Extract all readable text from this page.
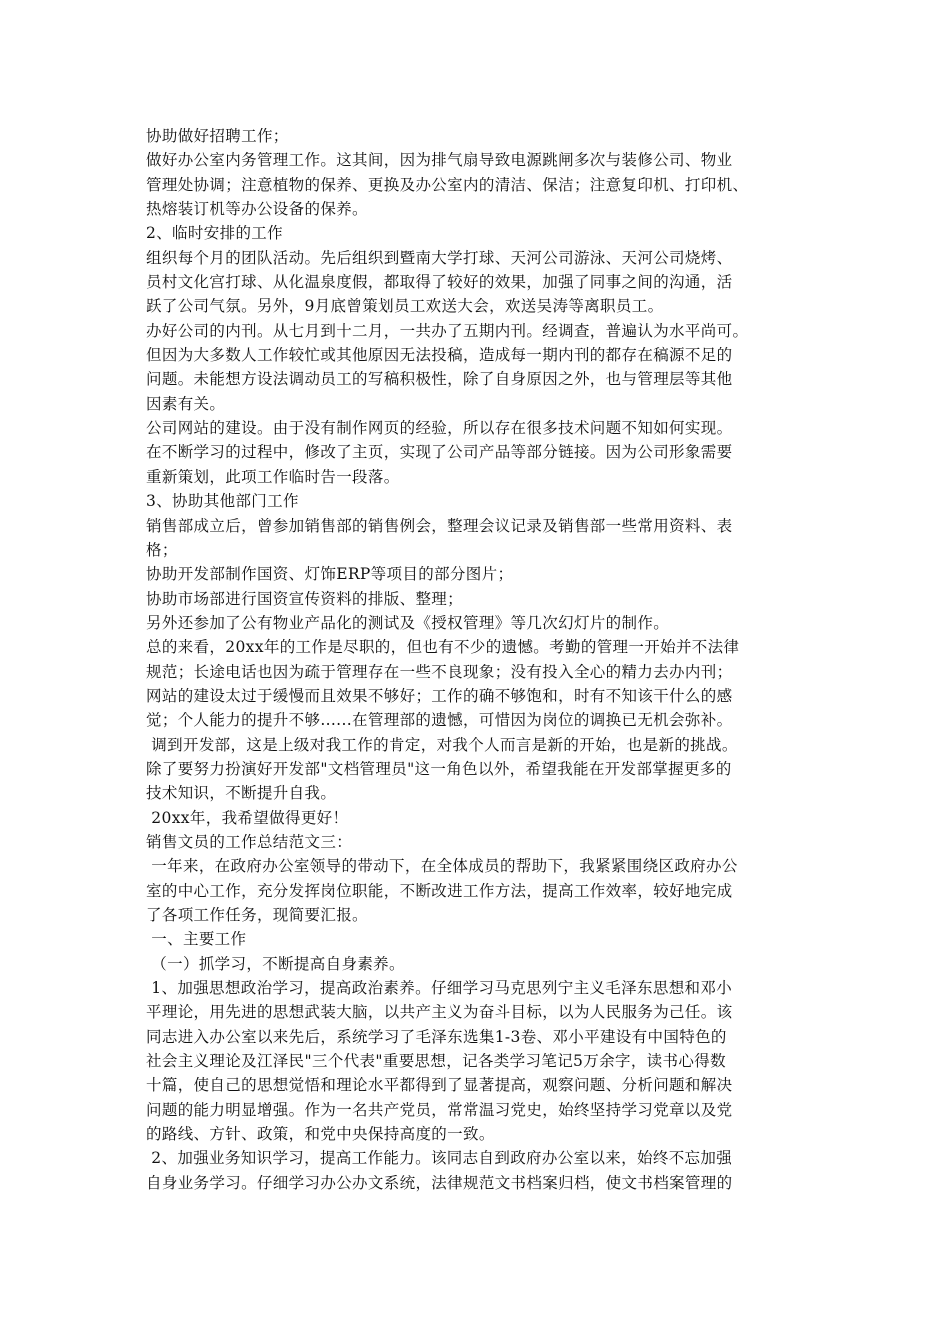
协助做好招聘工作；

做好办公室内务管理工作。这其间，因为排气扇导致电源跳闸多次与装修公司、物业

管理处协调；注意植物的保养、更换及办公室内的清洁、保洁；注意复印机、打印机、

热熔装订机等办公设备的保养。

2、临时安排的工作

组织每个月的团队活动。先后组织到暨南大学打球、天河公司游泳、天河公司烧烤、

员村文化宫打球、从化温泉度假，都取得了较好的效果，加强了同事之间的沟通，活

跃了公司气氛。另外，9月底曾策划员工欢送大会，欢送吴涛等离职员工。

办好公司的内刊。从七月到十二月，一共办了五期内刊。经调查，普遍认为水平尚可。

但因为大多数人工作较忙或其他原因无法投稿，造成每一期内刊的都存在稿源不足的

问题。未能想方设法调动员工的写稿积极性，除了自身原因之外，也与管理层等其他

因素有关。

公司网站的建设。由于没有制作网页的经验，所以存在很多技术问题不知如何实现。

在不断学习的过程中，修改了主页，实现了公司产品等部分链接。因为公司形象需要

重新策划，此项工作临时告一段落。

3、协助其他部门工作

销售部成立后，曾参加销售部的销售例会，整理会议记录及销售部一些常用资料、表

格；

协助开发部制作国资、灯饰ERP等项目的部分图片；

协助市场部进行国资宣传资料的排版、整理；

另外还参加了公有物业产品化的测试及《授权管理》等几次幻灯片的制作。

总的来看，20xx年的工作是尽职的，但也有不少的遗憾。考勤的管理一开始并不法律

规范；长途电话也因为疏于管理存在一些不良现象；没有投入全心的精力去办内刊；

网站的建设太过于缓慢而且效果不够好；工作的确不够饱和，时有不知该干什么的感

觉；个人能力的提升不够......在管理部的遗憾，可惜因为岗位的调换已无机会弥补。

调到开发部，这是上级对我工作的肯定，对我个人而言是新的开始，也是新的挑战。

除了要努力扮演好开发部"文档管理员"这一角色以外，希望我能在开发部掌握更多的

技术知识，不断提升自我。

20xx年，我希望做得更好！

销售文员的工作总结范文三：

一年来，在政府办公室领导的带动下，在全体成员的帮助下，我紧紧围绕区政府办公

室的中心工作，充分发挥岗位职能，不断改进工作方法，提高工作效率，较好地完成

了各项工作任务，现简要汇报。

一、主要工作

（一）抓学习，不断提高自身素养。

1、加强思想政治学习，提高政治素养。仔细学习马克思列宁主义毛泽东思想和邓小

平理论，用先进的思想武装大脑，以共产主义为奋斗目标，以为人民服务为己任。该

同志进入办公室以来先后，系统学习了毛泽东选集1-3卷、邓小平建设有中国特色的

社会主义理论及江泽民"三个代表"重要思想，记各类学习笔记5万余字，读书心得数

十篇，使自己的思想觉悟和理论水平都得到了显著提高，观察问题、分析问题和解决

问题的能力明显增强。作为一名共产党员，常常温习党史，始终坚持学习党章以及党

的路线、方针、政策，和党中央保持高度的一致。

2、加强业务知识学习，提高工作能力。该同志自到政府办公室以来，始终不忘加强

自身业务学习。仔细学习办公办文系统，法律规范文书档案归档，使文书档案管理的
